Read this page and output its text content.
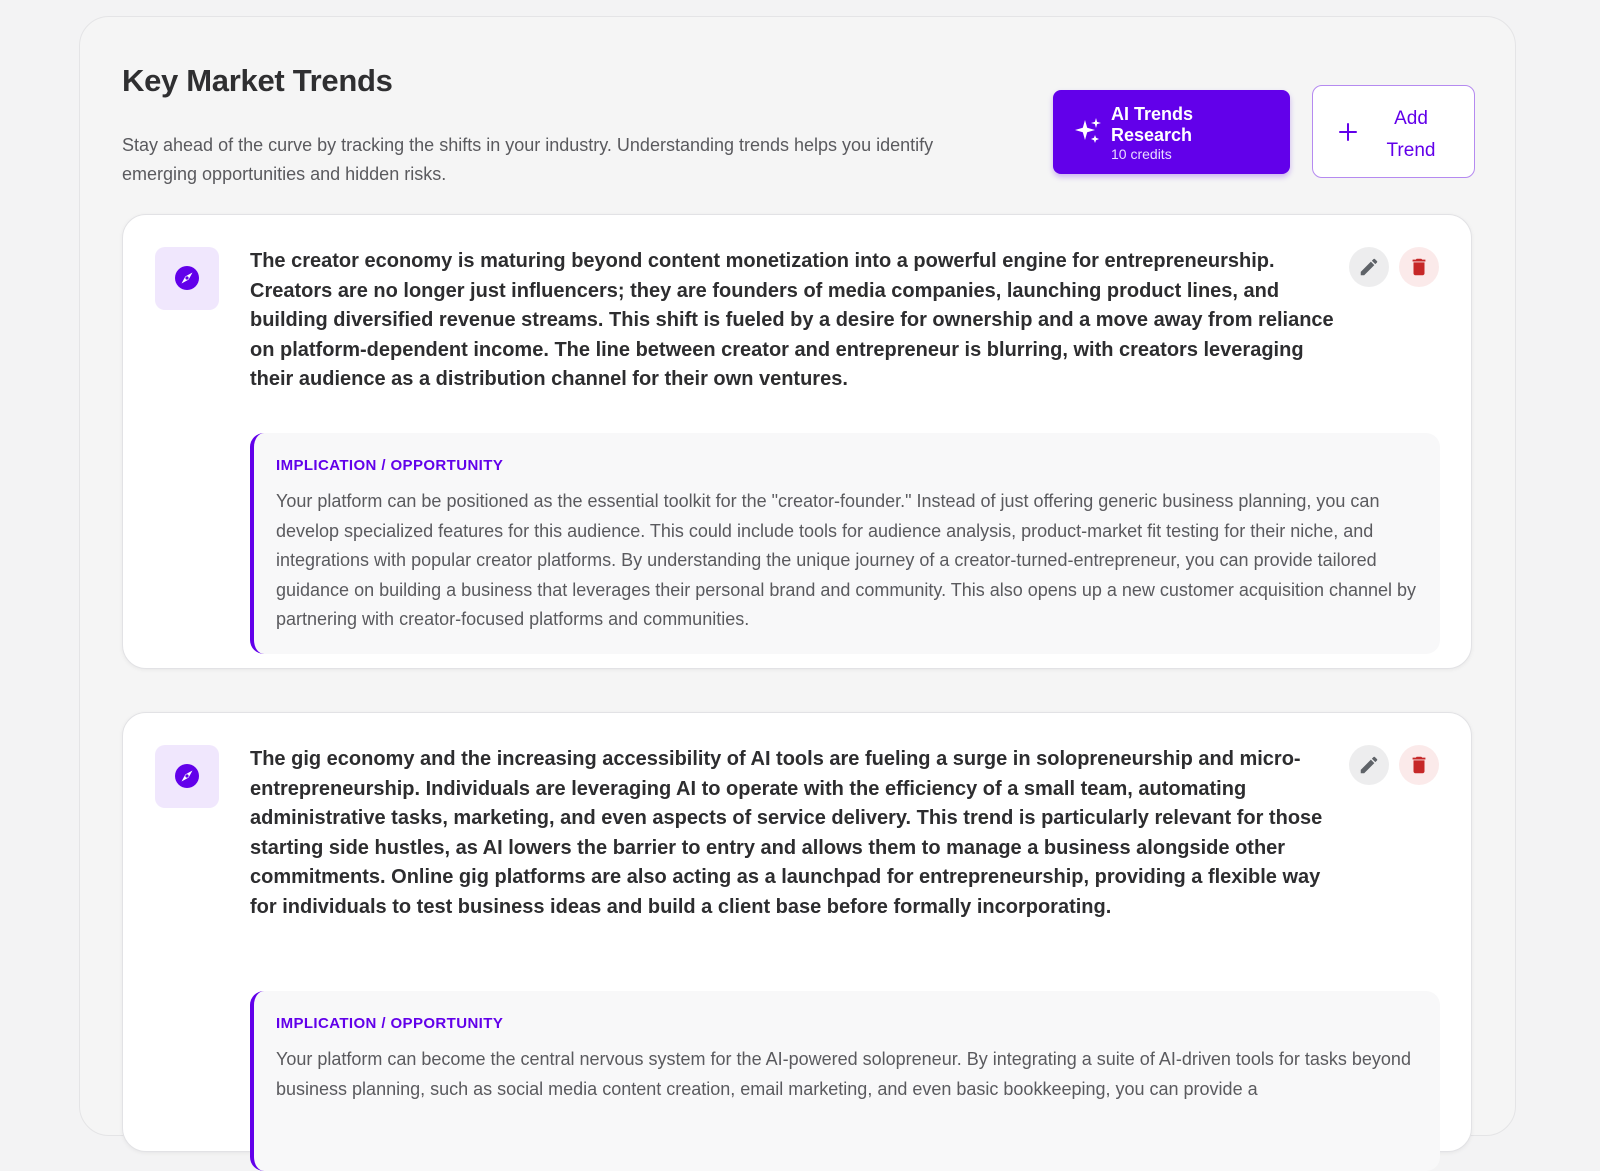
Key Market Trends
Stay ahead of the curve by tracking the shifts in your industry. Understanding trends helps you identify emerging opportunities and hidden risks.
AI Trends Research
10 credits
Add Trend
The creator economy is maturing beyond content monetization into a powerful engine for entrepreneurship. Creators are no longer just influencers; they are founders of media companies, launching product lines, and building diversified revenue streams. This shift is fueled by a desire for ownership and a move away from reliance on platform-dependent income. The line between creator and entrepreneur is blurring, with creators leveraging their audience as a distribution channel for their own ventures.
IMPLICATION / OPPORTUNITY
Your platform can be positioned as the essential toolkit for the "creator-founder." Instead of just offering generic business planning, you can develop specialized features for this audience. This could include tools for audience analysis, product-market fit testing for their niche, and integrations with popular creator platforms. By understanding the unique journey of a creator-turned-entrepreneur, you can provide tailored guidance on building a business that leverages their personal brand and community. This also opens up a new customer acquisition channel by partnering with creator-focused platforms and communities.
The gig economy and the increasing accessibility of AI tools are fueling a surge in solopreneurship and micro-entrepreneurship. Individuals are leveraging AI to operate with the efficiency of a small team, automating administrative tasks, marketing, and even aspects of service delivery. This trend is particularly relevant for those starting side hustles, as AI lowers the barrier to entry and allows them to manage a business alongside other commitments. Online gig platforms are also acting as a launchpad for entrepreneurship, providing a flexible way for individuals to test business ideas and build a client base before formally incorporating.
IMPLICATION / OPPORTUNITY
Your platform can become the central nervous system for the AI-powered solopreneur. By integrating a suite of AI-driven tools for tasks beyond business planning, such as social media content creation, email marketing, and even basic bookkeeping, you can provide a
